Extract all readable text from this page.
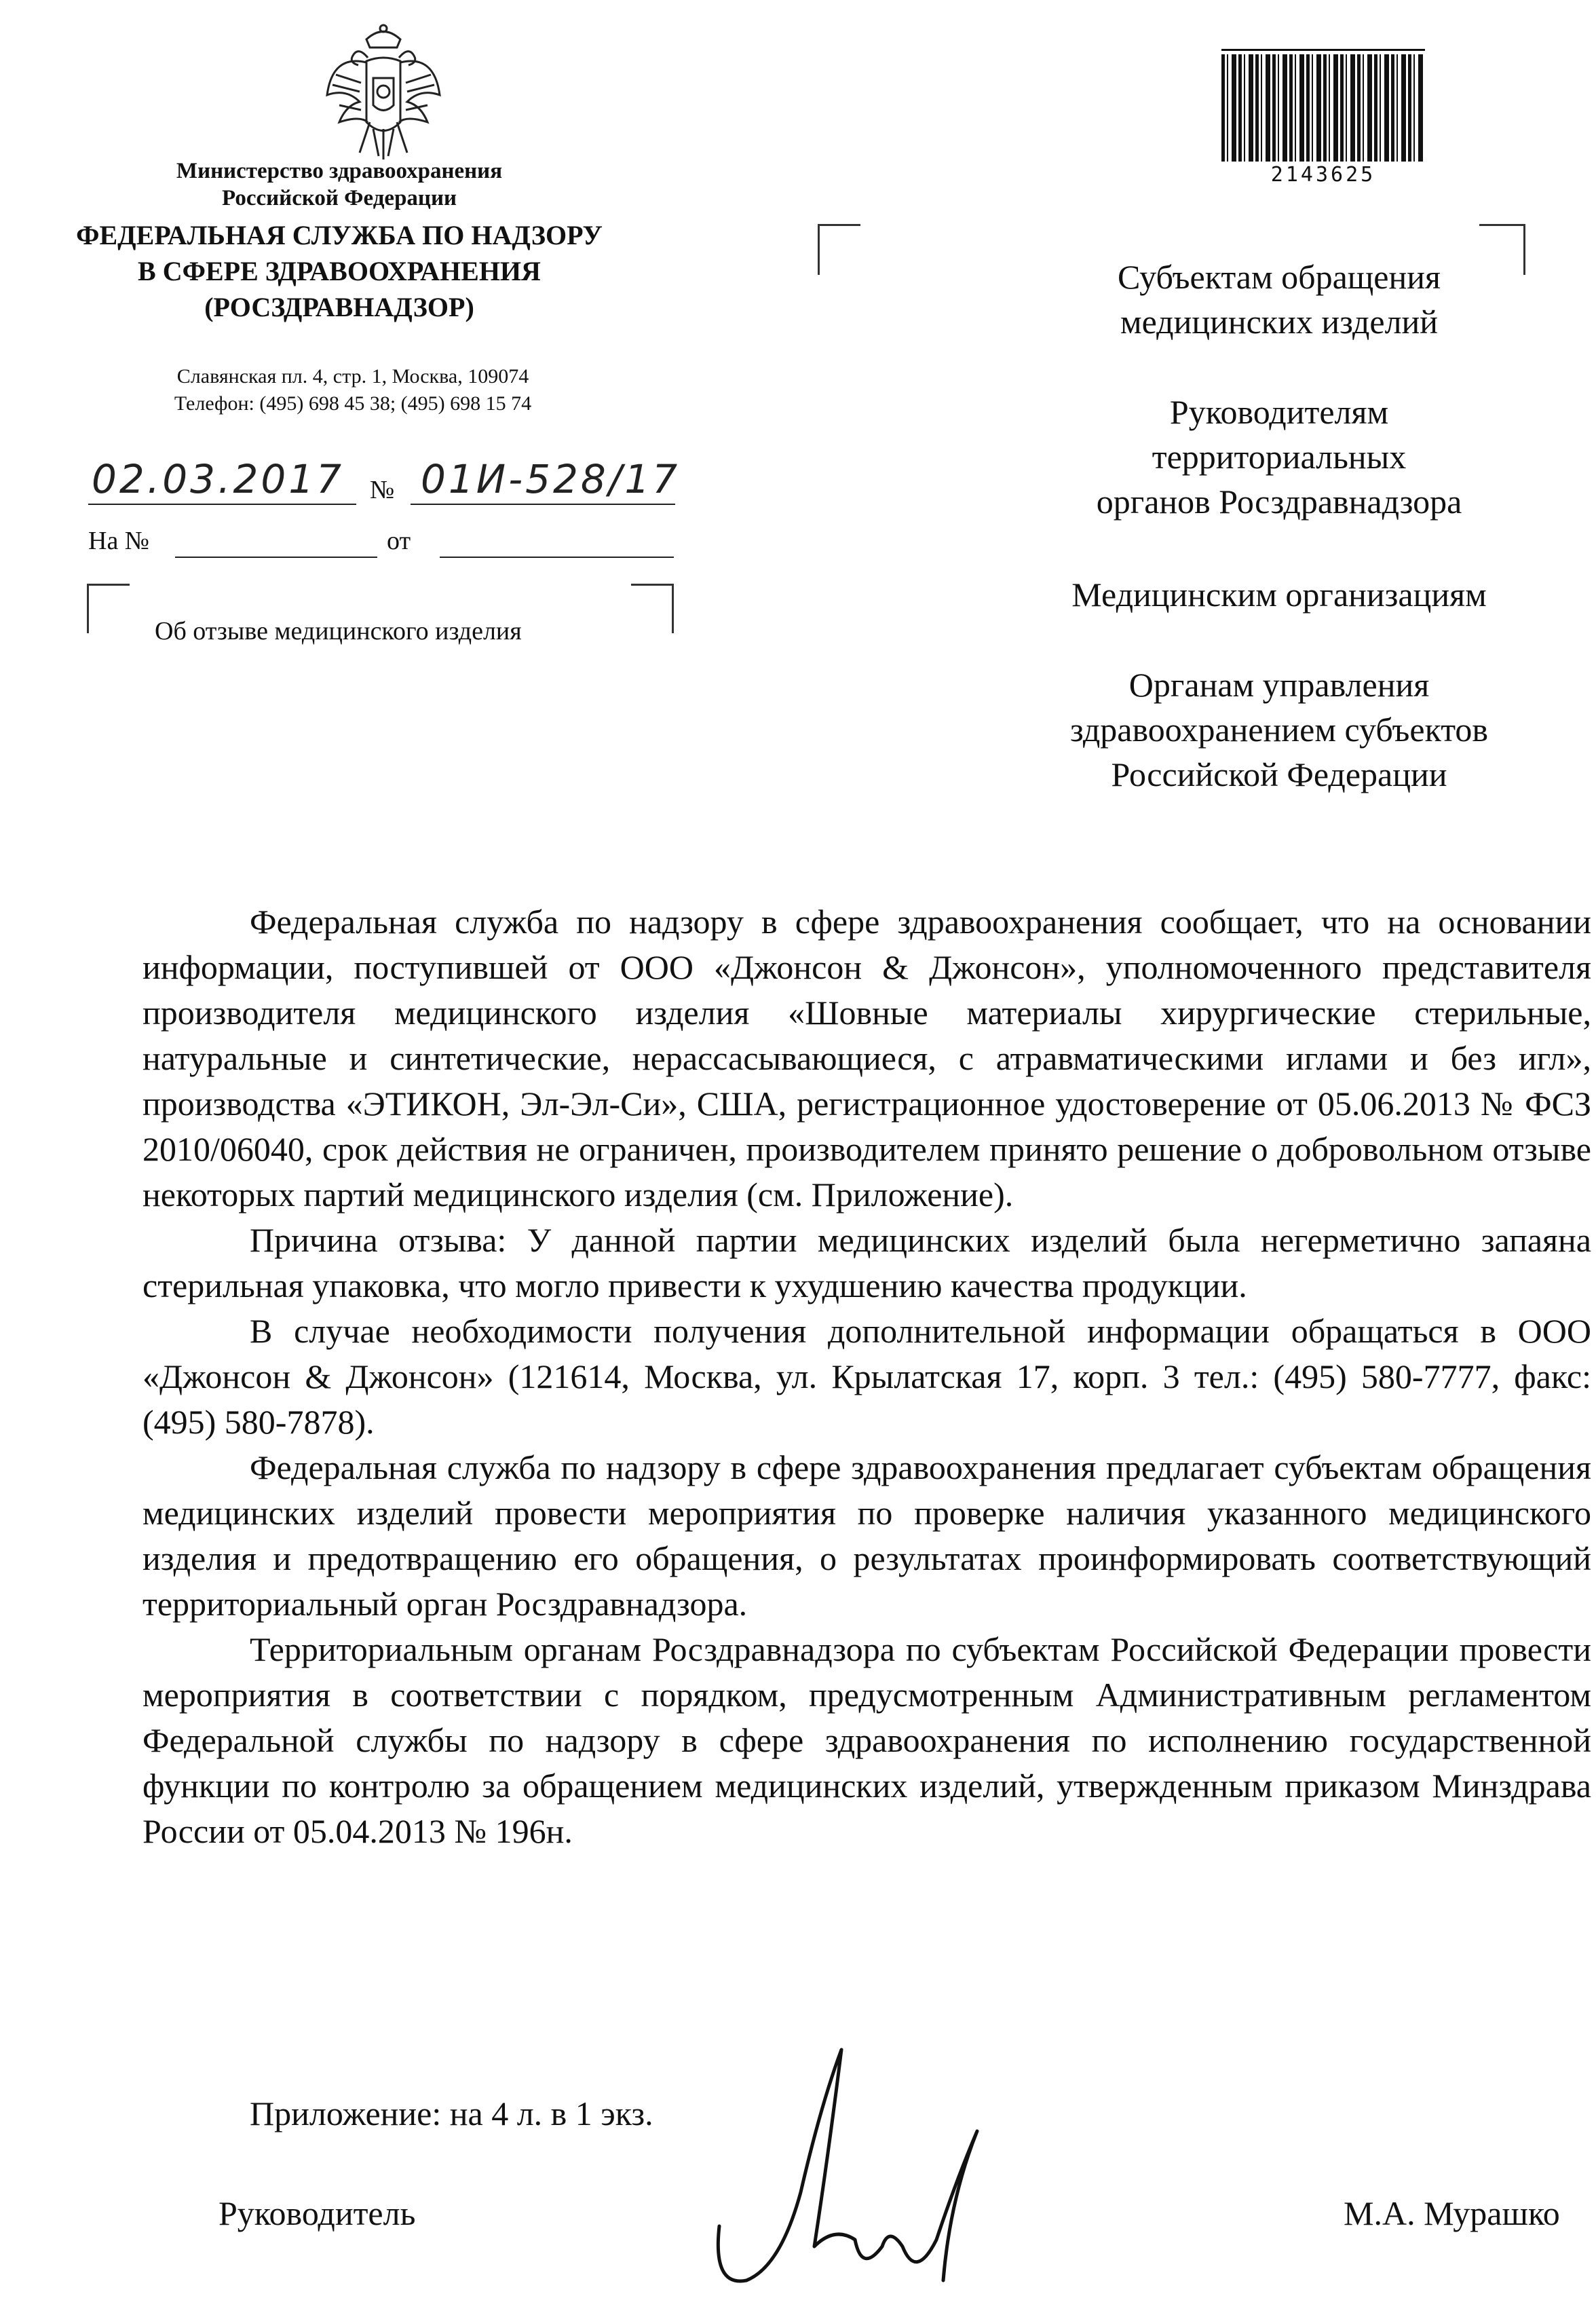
Министерство здравоохранения
Российской Федерации
ФЕДЕРАЛЬНАЯ СЛУЖБА ПО НАДЗОРУ
В СФЕРЕ ЗДРАВООХРАНЕНИЯ
(РОСЗДРАВНАДЗОР)
Славянская пл. 4, стр. 1, Москва, 109074
Телефон: (495) 698 45 38; (495) 698 15 74
02.03.2017 № 01И-528/17
На №	от
Об отзыве медицинского изделия
2143625
Субъектам обращения
медицинских изделий
Руководителям
территориальных
органов Росздравнадзора
Медицинским организациям
Органам управления
здравоохранением субъектов
Российской Федерации

Федеральная служба по надзору в сфере здравоохранения сообщает, что на основании информации, поступившей от ООО «Джонсон & Джонсон», уполномоченного представителя производителя медицинского изделия «Шовные материалы хирургические стерильные, натуральные и синтетические, нерассасывающиеся, с атравматическими иглами и без игл», производства «ЭТИКОН, Эл-Эл-Си», США, регистрационное удостоверение от 05.06.2013 № ФСЗ 2010/06040, срок действия не ограничен, производителем принято решение о добровольном отзыве некоторых партий медицинского изделия (см. Приложение).

Причина отзыва: У данной партии медицинских изделий была негерметично запаяна стерильная упаковка, что могло привести к ухудшению качества продукции.

В случае необходимости получения дополнительной информации обращаться в ООО «Джонсон & Джонсон» (121614, Москва, ул. Крылатская 17, корп. 3 тел.: (495) 580-7777, факс: (495) 580-7878).

Федеральная служба по надзору в сфере здравоохранения предлагает субъектам обращения медицинских изделий провести мероприятия по проверке наличия указанного медицинского изделия и предотвращению его обращения, о результатах проинформировать соответствующий территориальный орган Росздравнадзора.

Территориальным органам Росздравнадзора по субъектам Российской Федерации провести мероприятия в соответствии с порядком, предусмотренным Административным регламентом Федеральной службы по надзору в сфере здравоохранения по исполнению государственной функции по контролю за обращением медицинских изделий, утвержденным приказом Минздрава России от 05.04.2013 № 196н.

Приложение: на 4 л. в 1 экз.
Руководитель	М.А. Мурашко
